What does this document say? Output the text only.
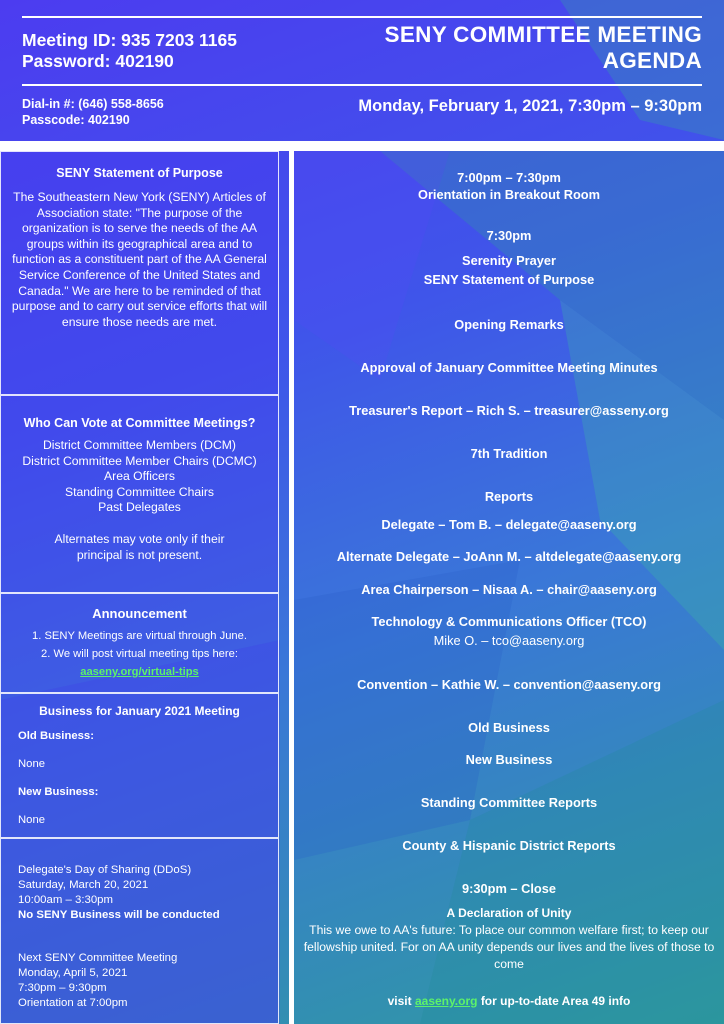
Meeting ID: 935 7203 1165
Password: 402190
SENY COMMITTEE MEETING
AGENDA
Dial-in #: (646) 558-8656
Passcode: 402190
Monday, February 1, 2021, 7:30pm – 9:30pm
SENY Statement of Purpose

The Southeastern New York (SENY) Articles of Association state: "The purpose of the organization is to serve the needs of the AA groups within its geographical area and to function as a constituent part of the AA General Service Conference of the United States and Canada." We are here to be reminded of that purpose and to carry out service efforts that will ensure those needs are met.

Who Can Vote at Committee Meetings?
District Committee Members (DCM)
District Committee Member Chairs (DCMC)
Area Officers
Standing Committee Chairs
Past Delegates

Alternates may vote only if their principal is not present.

Announcement
1. SENY Meetings are virtual through June.
2. We will post virtual meeting tips here:
aaseny.org/virtual-tips
Business for January 2021 Meeting
Old Business:
None
New Business:
None
Delegate's Day of Sharing (DDoS)
Saturday, March 20, 2021
10:00am – 3:30pm
No SENY Business will be conducted
Next SENY Committee Meeting
Monday, April 5, 2021
7:30pm – 9:30pm
Orientation at 7:00pm
7:00pm – 7:30pm
Orientation in Breakout Room
7:30pm
Serenity Prayer
SENY Statement of Purpose
Opening Remarks
Approval of January Committee Meeting Minutes
Treasurer's Report – Rich S. – treasurer@asseny.org
7th Tradition
Reports
Delegate – Tom B. – delegate@aaseny.org
Alternate Delegate – JoAnn M. – altdelegate@aaseny.org
Area Chairperson – Nisaa A. – chair@aaseny.org
Technology & Communications Officer (TCO)
Mike O. – tco@aaseny.org
Convention – Kathie W. – convention@aaseny.org
Old Business
New Business
Standing Committee Reports
County & Hispanic District Reports
9:30pm – Close
A Declaration of Unity
This we owe to AA's future: To place our common welfare first; to keep our fellowship united. For on AA unity depends our lives and the lives of those to come
visit aaseny.org for up-to-date Area 49 info
